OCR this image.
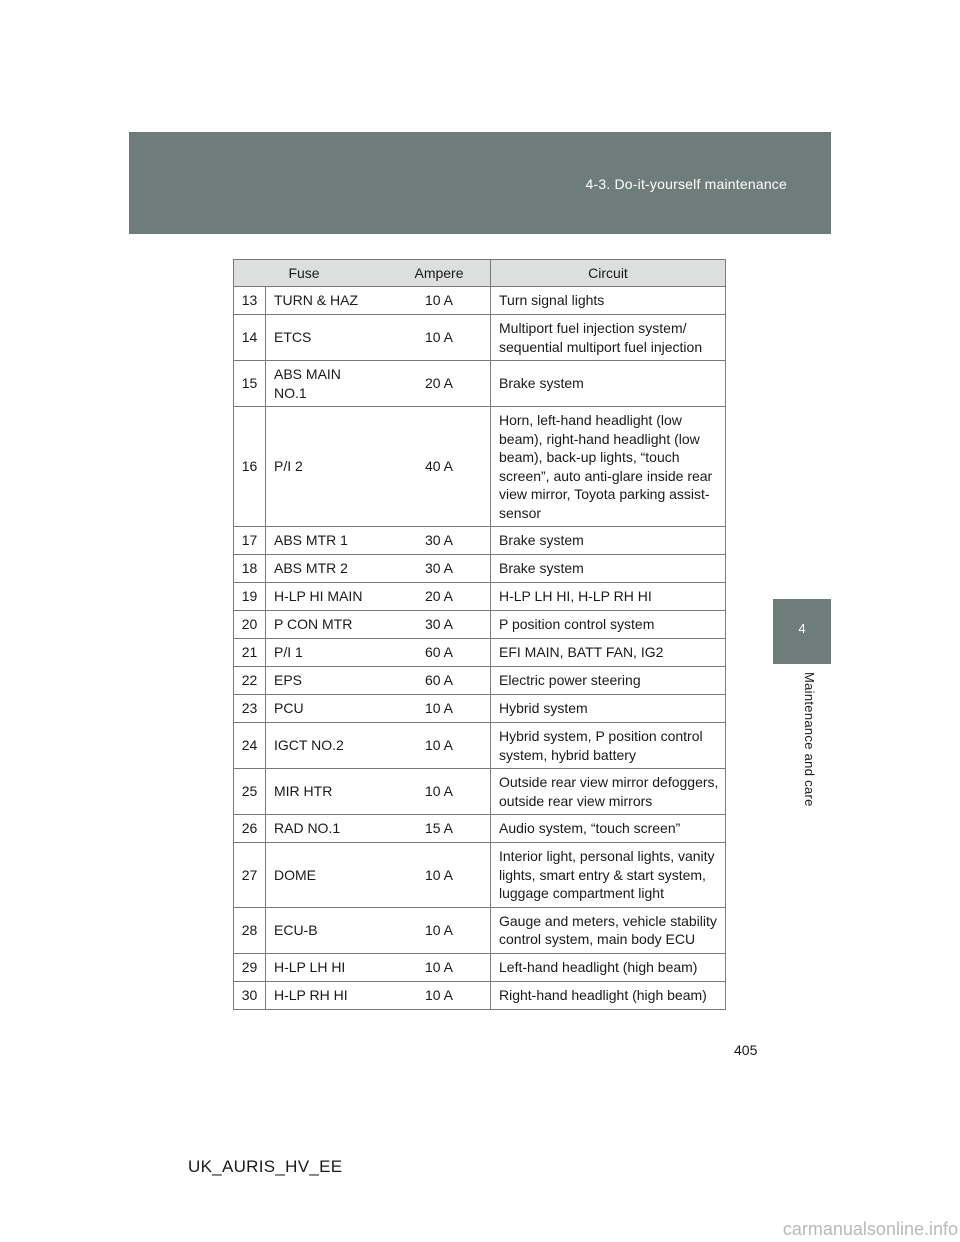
4-3. Do-it-yourself maintenance
4
Maintenance and care
Fuse		Ampere	Circuit
13	TURN & HAZ	10 A	Turn signal lights
14	ETCS	10 A	Multiport fuel injection system/ sequential multiport fuel injection
15	ABS MAIN NO.1	20 A	Brake system
16	P/I 2	40 A	Horn, left-hand headlight (low beam), right-hand headlight (low beam), back-up lights, “touch screen”, auto anti-glare inside rear view mirror, Toyota parking assist-sensor
17	ABS MTR 1	30 A	Brake system
18	ABS MTR 2	30 A	Brake system
19	H-LP HI MAIN	20 A	H-LP LH HI, H-LP RH HI
20	P CON MTR	30 A	P position control system
21	P/I 1	60 A	EFI MAIN, BATT FAN, IG2
22	EPS	60 A	Electric power steering
23	PCU	10 A	Hybrid system
24	IGCT NO.2	10 A	Hybrid system, P position control system, hybrid battery
25	MIR HTR	10 A	Outside rear view mirror defoggers, outside rear view mirrors
26	RAD NO.1	15 A	Audio system, “touch screen”
27	DOME	10 A	Interior light, personal lights, vanity lights, smart entry & start system, luggage compartment light
28	ECU-B	10 A	Gauge and meters, vehicle stability control system, main body ECU
29	H-LP LH HI	10 A	Left-hand headlight (high beam)
30	H-LP RH HI	10 A	Right-hand headlight (high beam)
405
UK_AURIS_HV_EE
carmanualsonline.info
